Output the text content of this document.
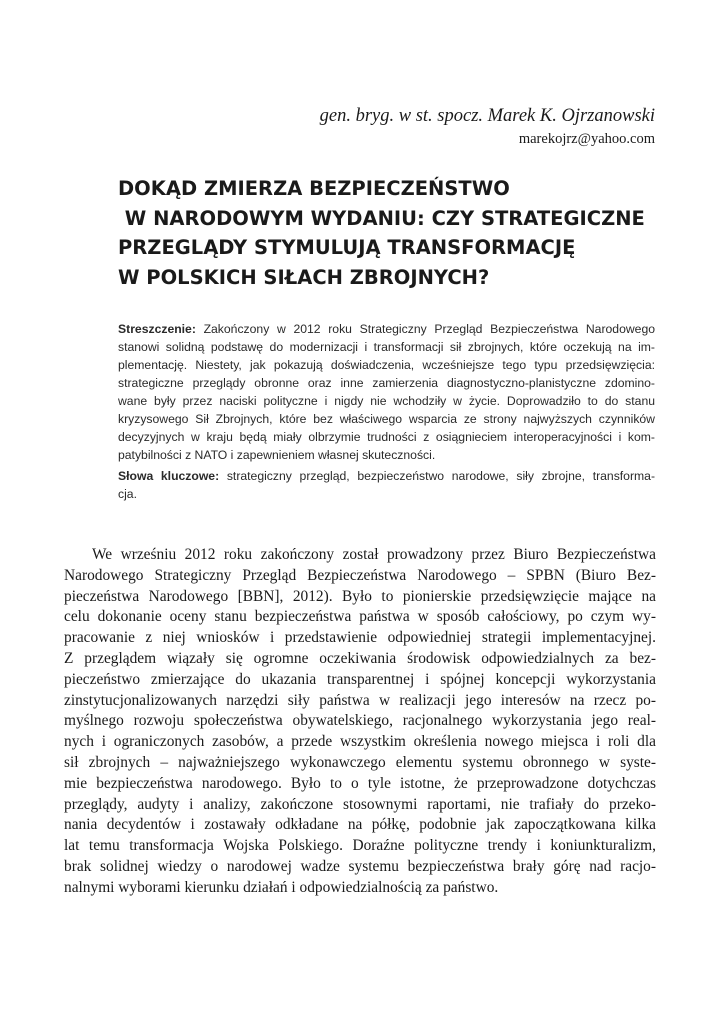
gen. bryg. w st. spocz. Marek K. Ojrzanowski
marekojrz@yahoo.com
DOKĄD ZMIERZA BEZPIECZEŃSTWO
W NARODOWYM WYDANIU: CZY STRATEGICZNE
PRZEGLĄDY STYMULUJĄ TRANSFORMACJĘ
W POLSKICH SIŁACH ZBROJNYCH?
Streszczenie: Zakończony w 2012 roku Strategiczny Przegląd Bezpieczeństwa Narodowego
stanowi solidną podstawę do modernizacji i transformacji sił zbrojnych, które oczekują na im-
plementację. Niestety, jak pokazują doświadczenia, wcześniejsze tego typu przedsięwzięcia:
strategiczne przeglądy obronne oraz inne zamierzenia diagnostyczno-planistyczne zdomino-
wane były przez naciski polityczne i nigdy nie wchodziły w życie. Doprowadziło to do stanu
kryzysowego Sił Zbrojnych, które bez właściwego wsparcia ze strony najwyższych czynników
decyzyjnych w kraju będą miały olbrzymie trudności z osiągnieciem interoperacyjności i kom-
patybilności z NATO i zapewnieniem własnej skuteczności.
Słowa kluczowe: strategiczny przegląd, bezpieczeństwo narodowe, siły zbrojne, transforma-
cja.
We wrześniu 2012 roku zakończony został prowadzony przez Biuro Bezpieczeństwa
Narodowego Strategiczny Przegląd Bezpieczeństwa Narodowego – SPBN (Biuro Bez-
pieczeństwa Narodowego [BBN], 2012). Było to pionierskie przedsięwzięcie mające na
celu dokonanie oceny stanu bezpieczeństwa państwa w sposób całościowy, po czym wy-
pracowanie z niej wniosków i przedstawienie odpowiedniej strategii implementacyjnej.
Z przeglądem wiązały się ogromne oczekiwania środowisk odpowiedzialnych za bez-
pieczeństwo zmierzające do ukazania transparentnej i spójnej koncepcji wykorzystania
zinstytucjonalizowanych narzędzi siły państwa w realizacji jego interesów na rzecz po-
myślnego rozwoju społeczeństwa obywatelskiego, racjonalnego wykorzystania jego real-
nych i ograniczonych zasobów, a przede wszystkim określenia nowego miejsca i roli dla
sił zbrojnych – najważniejszego wykonawczego elementu systemu obronnego w syste-
mie bezpieczeństwa narodowego. Było to o tyle istotne, że przeprowadzone dotychczas
przeglądy, audyty i analizy, zakończone stosownymi raportami, nie trafiały do przeko-
nania decydentów i zostawały odkładane na półkę, podobnie jak zapoczątkowana kilka
lat temu transformacja Wojska Polskiego. Doraźne polityczne trendy i koniunkturalizm,
brak solidnej wiedzy o narodowej wadze systemu bezpieczeństwa brały górę nad racjo-
nalnymi wyborami kierunku działań i odpowiedzialnością za państwo.
